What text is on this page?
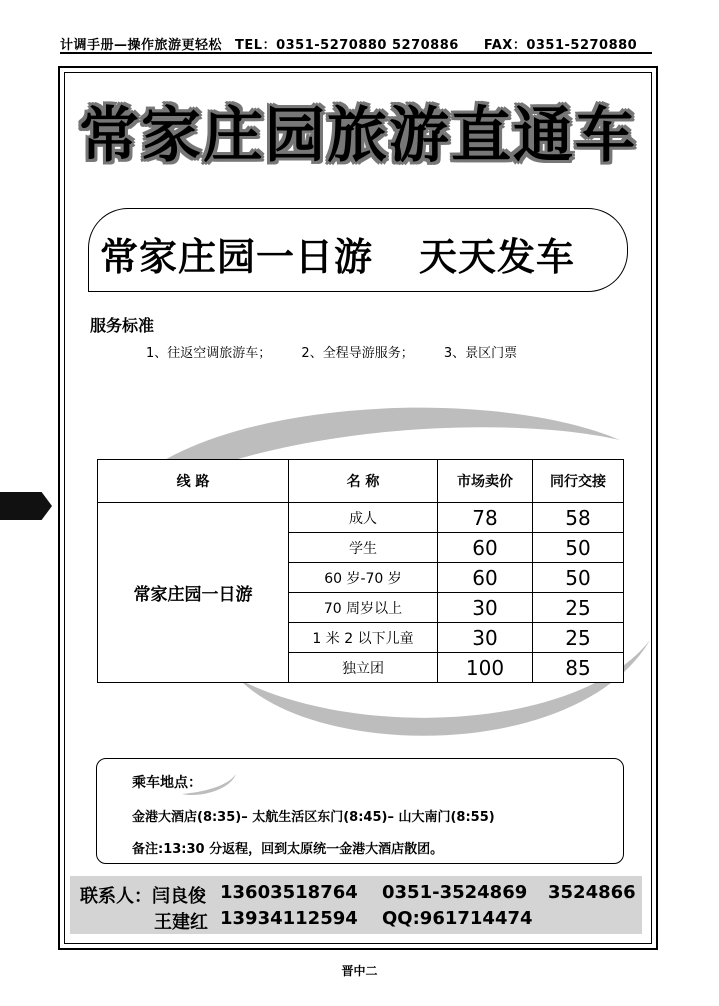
计调手册—操作旅游更轻松 TEL：0351-5270880 5270886 FAX：0351-5270880
常家庄园旅游直通车
常家庄园一日游 天天发车
服务标准
1、往返空调旅游车； 2、全程导游服务； 3、景区门票
线 路	名 称	市场卖价	同行交接
常家庄园一日游	成人	78	58
	学生	60	50
	60 岁-70 岁	60	50
	70 周岁以上	30	25
	1 米 2 以下儿童	30	25
	独立团	100	85
乘车地点：
金港大酒店(8:35)– 太航生活区东门(8:45)– 山大南门(8:55)
备注:13:30 分返程，回到太原统一金港大酒店散团。
联系人：闫良俊 13603518764 0351-3524869 3524866
王建红 13934112594 QQ:961714474
晋中二
